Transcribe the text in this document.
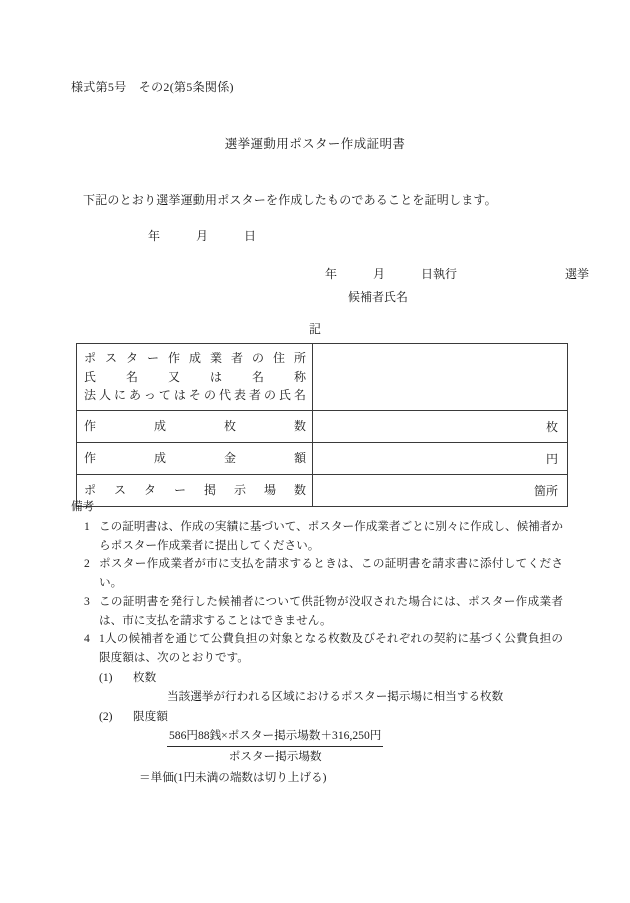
様式第5号　その2(第5条関係)
選挙運動用ポスター作成証明書
下記のとおり選挙運動用ポスターを作成したものであることを証明します。
年　　　月　　　日
年　　　月　　　日執行　　　　　　　　　選挙
候補者氏名
記
ポスター作成業者の住所
氏名又は名称
法人にあってはその代表者の氏名	

作成枚数	枚

作成金額	円

ポスター掲示場数	箇所
備考
1 この証明書は、作成の実績に基づいて、ポスター作成業者ごとに別々に作成し、候補者からポスター作成業者に提出してください。
2 ポスター作成業者が市に支払を請求するときは、この証明書を請求書に添付してください。
3 この証明書を発行した候補者について供託物が没収された場合には、ポスター作成業者は、市に支払を請求することはできません。
4 1人の候補者を通じて公費負担の対象となる枚数及びそれぞれの契約に基づく公費負担の限度額は、次のとおりです。
(1) 枚数
当該選挙が行われる区域におけるポスター掲示場に相当する枚数
(2) 限度額
$\frac{\text{586円88銭×ポスター掲示場数＋316,250円}}{\text{ポスター掲示場数}}$
＝単価(1円未満の端数は切り上げる)
